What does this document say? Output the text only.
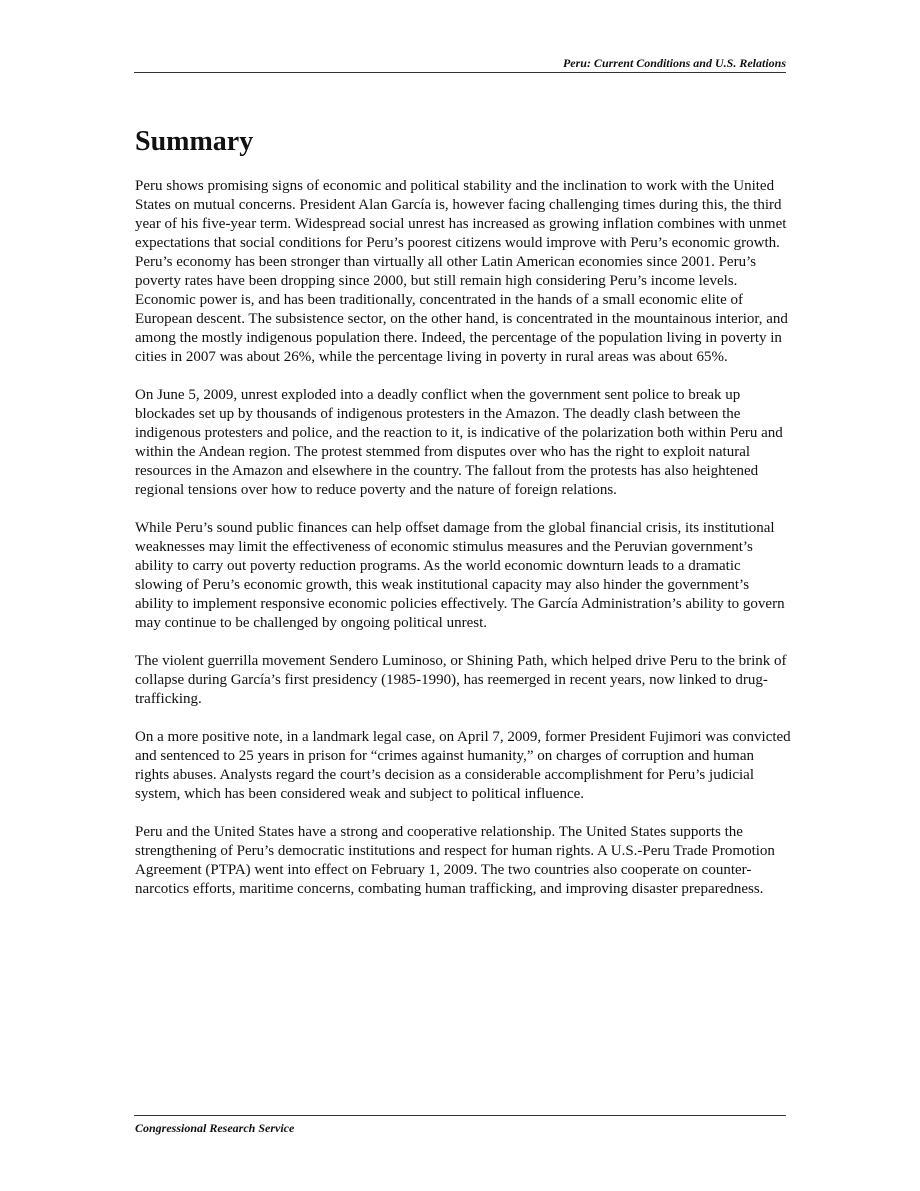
Peru: Current Conditions and U.S. Relations
Summary

Peru shows promising signs of economic and political stability and the inclination to work with the United States on mutual concerns. President Alan García is, however facing challenging times during this, the third year of his five-year term. Widespread social unrest has increased as growing inflation combines with unmet expectations that social conditions for Peru’s poorest citizens would improve with Peru’s economic growth. Peru’s economy has been stronger than virtually all other Latin American economies since 2001. Peru’s poverty rates have been dropping since 2000, but still remain high considering Peru’s income levels. Economic power is, and has been traditionally, concentrated in the hands of a small economic elite of European descent. The subsistence sector, on the other hand, is concentrated in the mountainous interior, and among the mostly indigenous population there. Indeed, the percentage of the population living in poverty in cities in 2007 was about 26%, while the percentage living in poverty in rural areas was about 65%.

On June 5, 2009, unrest exploded into a deadly conflict when the government sent police to break up blockades set up by thousands of indigenous protesters in the Amazon. The deadly clash between the indigenous protesters and police, and the reaction to it, is indicative of the polarization both within Peru and within the Andean region. The protest stemmed from disputes over who has the right to exploit natural resources in the Amazon and elsewhere in the country. The fallout from the protests has also heightened regional tensions over how to reduce poverty and the nature of foreign relations.

While Peru’s sound public finances can help offset damage from the global financial crisis, its institutional weaknesses may limit the effectiveness of economic stimulus measures and the Peruvian government’s ability to carry out poverty reduction programs. As the world economic downturn leads to a dramatic slowing of Peru’s economic growth, this weak institutional capacity may also hinder the government’s ability to implement responsive economic policies effectively. The García Administration’s ability to govern may continue to be challenged by ongoing political unrest.

The violent guerrilla movement Sendero Luminoso, or Shining Path, which helped drive Peru to the brink of collapse during García’s first presidency (1985-1990), has reemerged in recent years, now linked to drug-trafficking.

On a more positive note, in a landmark legal case, on April 7, 2009, former President Fujimori was convicted and sentenced to 25 years in prison for “crimes against humanity,” on charges of corruption and human rights abuses. Analysts regard the court’s decision as a considerable accomplishment for Peru’s judicial system, which has been considered weak and subject to political influence.

Peru and the United States have a strong and cooperative relationship. The United States supports the strengthening of Peru’s democratic institutions and respect for human rights. A U.S.-Peru Trade Promotion Agreement (PTPA) went into effect on February 1, 2009. The two countries also cooperate on counter-narcotics efforts, maritime concerns, combating human trafficking, and improving disaster preparedness.

Congressional Research Service
